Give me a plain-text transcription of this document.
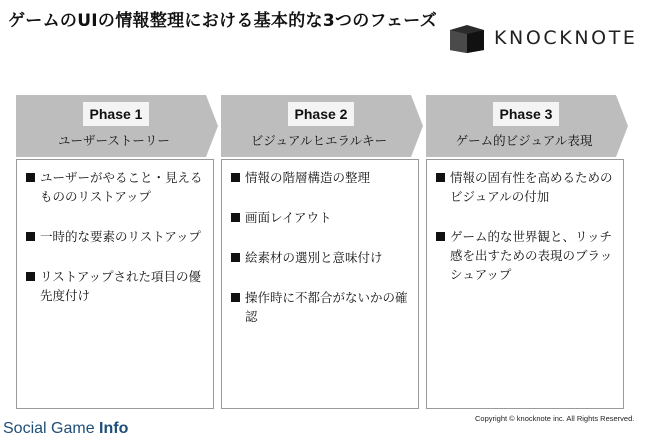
ゲームのUIの情報整理における基本的な3つのフェーズ
KNOCKNOTE
Phase 1
ユーザーストーリー
ユーザーがやること・見えるもののリストアップ
一時的な要素のリストアップ
リストアップされた項目の優先度付け
Phase 2
ビジュアルヒエラルキー
情報の階層構造の整理
画面レイアウト
絵素材の選別と意味付け
操作時に不都合がないかの確認
Phase 3
ゲーム的ビジュアル表現
情報の固有性を高めるためのビジュアルの付加
ゲーム的な世界観と、リッチ感を出すための表現のブラッシュアップ
Copyright © knocknote inc. All Rights Reserved.
Social Game Info
